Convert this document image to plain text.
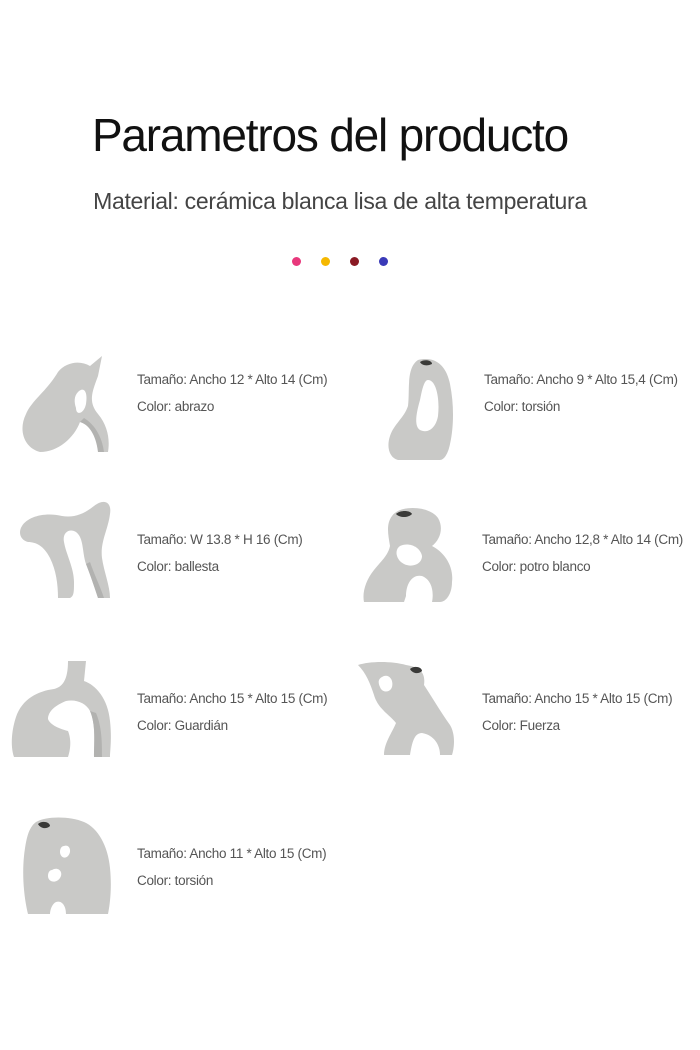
Parametros del producto
Material: cerámica blanca lisa de alta temperatura
Tamaño: Ancho 12 * Alto 14 (Cm)
Color: abrazo
Tamaño: Ancho 9 * Alto 15,4 (Cm)
Color: torsión
Tamaño: W 13.8 * H 16 (Cm)
Color: ballesta
Tamaño: Ancho 12,8 * Alto 14 (Cm)
Color: potro blanco
Tamaño: Ancho 15 * Alto 15 (Cm)
Color: Guardián
Tamaño: Ancho 15 * Alto 15 (Cm)
Color: Fuerza
Tamaño: Ancho 11 * Alto 15 (Cm)
Color: torsión
